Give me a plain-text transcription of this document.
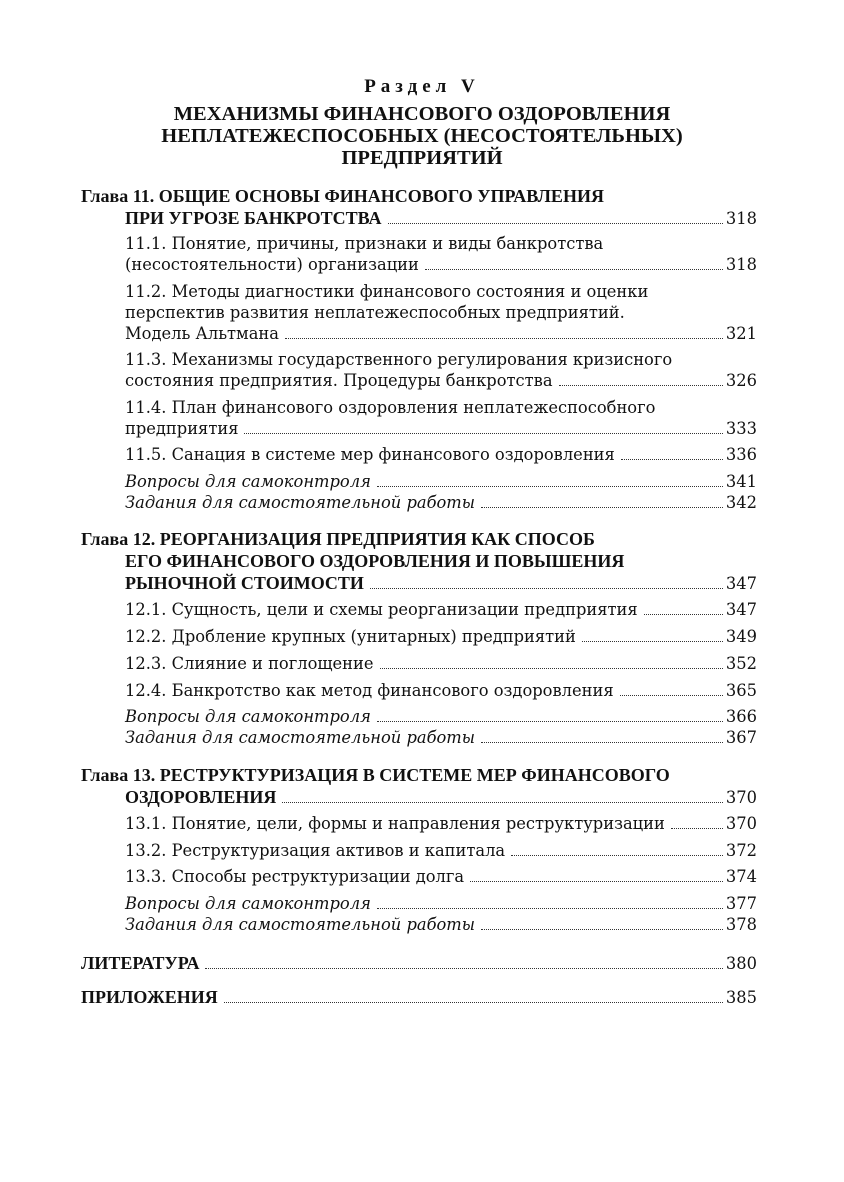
Раздел V
МЕХАНИЗМЫ ФИНАНСОВОГО ОЗДОРОВЛЕНИЯ
НЕПЛАТЕЖЕСПОСОБНЫХ (НЕСОСТОЯТЕЛЬНЫХ)
ПРЕДПРИЯТИЙ
Глава 11. ОБЩИЕ ОСНОВЫ ФИНАНСОВОГО УПРАВЛЕНИЯ
ПРИ УГРОЗЕ БАНКРОТСТВА	318
11.1. Понятие, причины, признаки и виды банкротства
(несостоятельности) организации	318
11.2. Методы диагностики финансового состояния и оценки
перспектив развития неплатежеспособных предприятий.
Модель Альтмана	321
11.3. Механизмы государственного регулирования кризисного
состояния предприятия. Процедуры банкротства	326
11.4. План финансового оздоровления неплатежеспособного
предприятия	333
11.5. Санация в системе мер финансового оздоровления	336
Вопросы для самоконтроля	341
Задания для самостоятельной работы	342
Глава 12. РЕОРГАНИЗАЦИЯ ПРЕДПРИЯТИЯ КАК СПОСОБ
ЕГО ФИНАНСОВОГО ОЗДОРОВЛЕНИЯ И ПОВЫШЕНИЯ
РЫНОЧНОЙ СТОИМОСТИ	347
12.1. Сущность, цели и схемы реорганизации предприятия	347
12.2. Дробление крупных (унитарных) предприятий	349
12.3. Слияние и поглощение	352
12.4. Банкротство как метод финансового оздоровления	365
Вопросы для самоконтроля	366
Задания для самостоятельной работы	367
Глава 13. РЕСТРУКТУРИЗАЦИЯ В СИСТЕМЕ МЕР ФИНАНСОВОГО
ОЗДОРОВЛЕНИЯ	370
13.1. Понятие, цели, формы и направления реструктуризации	370
13.2. Реструктуризация активов и капитала	372
13.3. Способы реструктуризации долга	374
Вопросы для самоконтроля	377
Задания для самостоятельной работы	378
ЛИТЕРАТУРА	380
ПРИЛОЖЕНИЯ	385
